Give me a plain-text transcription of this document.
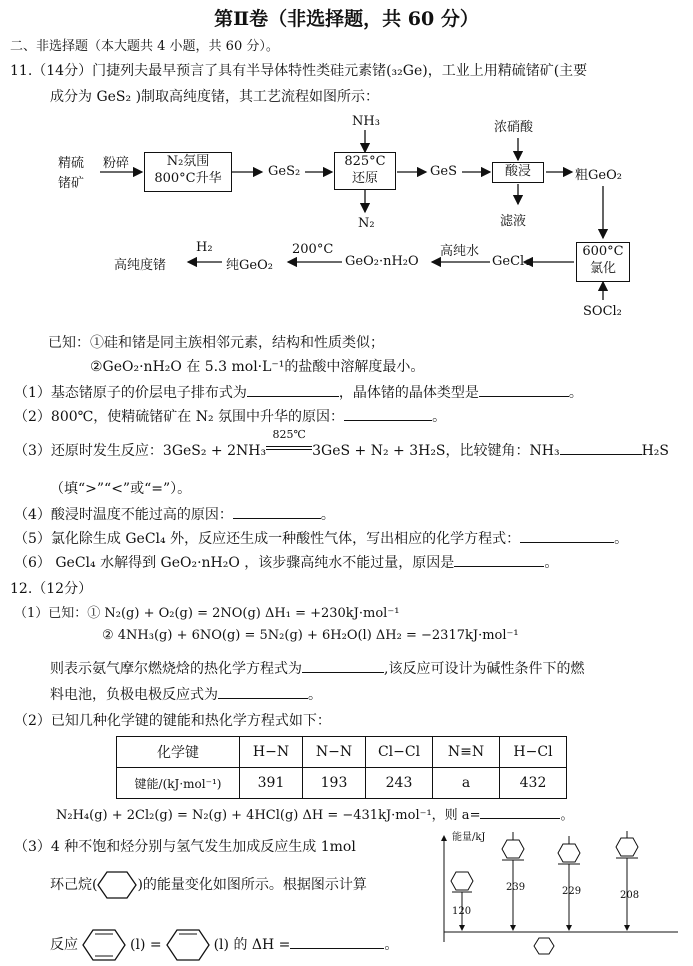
第Ⅱ卷（非选择题，共 60 分）
二、非选择题（本大题共 4 小题，共 60 分）。
11.（14分）门捷列夫最早预言了具有半导体特性类硅元素锗(₃₂Ge)，工业上用精硫锗矿(主要
成分为 GeS₂ )制取高纯度锗，其工艺流程如图所示：
精硫
锗矿
粉碎	N₂氛围
800°C升华	GeS₂
NH₃
825°C
还原
N₂
GeS
浓硝酸
酸浸
滤液
粗GeO₂
600°C
氯化
SOCl₂
GeCl₄
高纯水
GeO₂·nH₂O
200°C
纯GeO₂
H₂
高纯度锗
已知：①硅和锗是同主族相邻元素，结构和性质类似；
②GeO₂·nH₂O 在 5.3 mol·L⁻¹的盐酸中溶解度最小。
（1）基态锗原子的价层电子排布式为	，晶体锗的晶体类型是	。
（2）800℃，使精硫锗矿在 N₂ 氛围中升华的原因：	。
（3）还原时发生反应：3GeS₂ + 2NH₃
825℃
3GeS + N₂ + 3H₂S，比较键角：NH₃	H₂S
（填“>”“<”或“=”）。
（4）酸浸时温度不能过高的原因：	。
（5）氯化除生成 GeCl₄ 外，反应还生成一种酸性气体，写出相应的化学方程式：	。
（6） GeCl₄ 水解得到 GeO₂·nH₂O ，该步骤高纯水不能过量，原因是	。
12.（12分）
（1）已知：① N₂(g) + O₂(g) = 2NO(g) ΔH₁ = +230kJ·mol⁻¹
② 4NH₃(g) + 6NO(g) = 5N₂(g) + 6H₂O(l) ΔH₂ = −2317kJ·mol⁻¹
则表示氨气摩尔燃烧焓的热化学方程式为	,该反应可设计为碱性条件下的燃
料电池，负极电极反应式为	。
（2）已知几种化学键的键能和热化学方程式如下：
化学键	H−N	N−N	Cl−Cl	N≡N	H−Cl
键能/(kJ·mol⁻¹)	391	193	243	a	432
N₂H₄(g) + 2Cl₂(g) = N₂(g) + 4HCl(g) ΔH = −431kJ·mol⁻¹，则 a=	。
（3）4 种不饱和烃分别与氢气发生加成反应生成 1mol
环己烷(	)的能量变化如图所示。根据图示计算
反应	(l) =	(l) 的 ΔH =	。
能量/kJ
120
239	229	208
